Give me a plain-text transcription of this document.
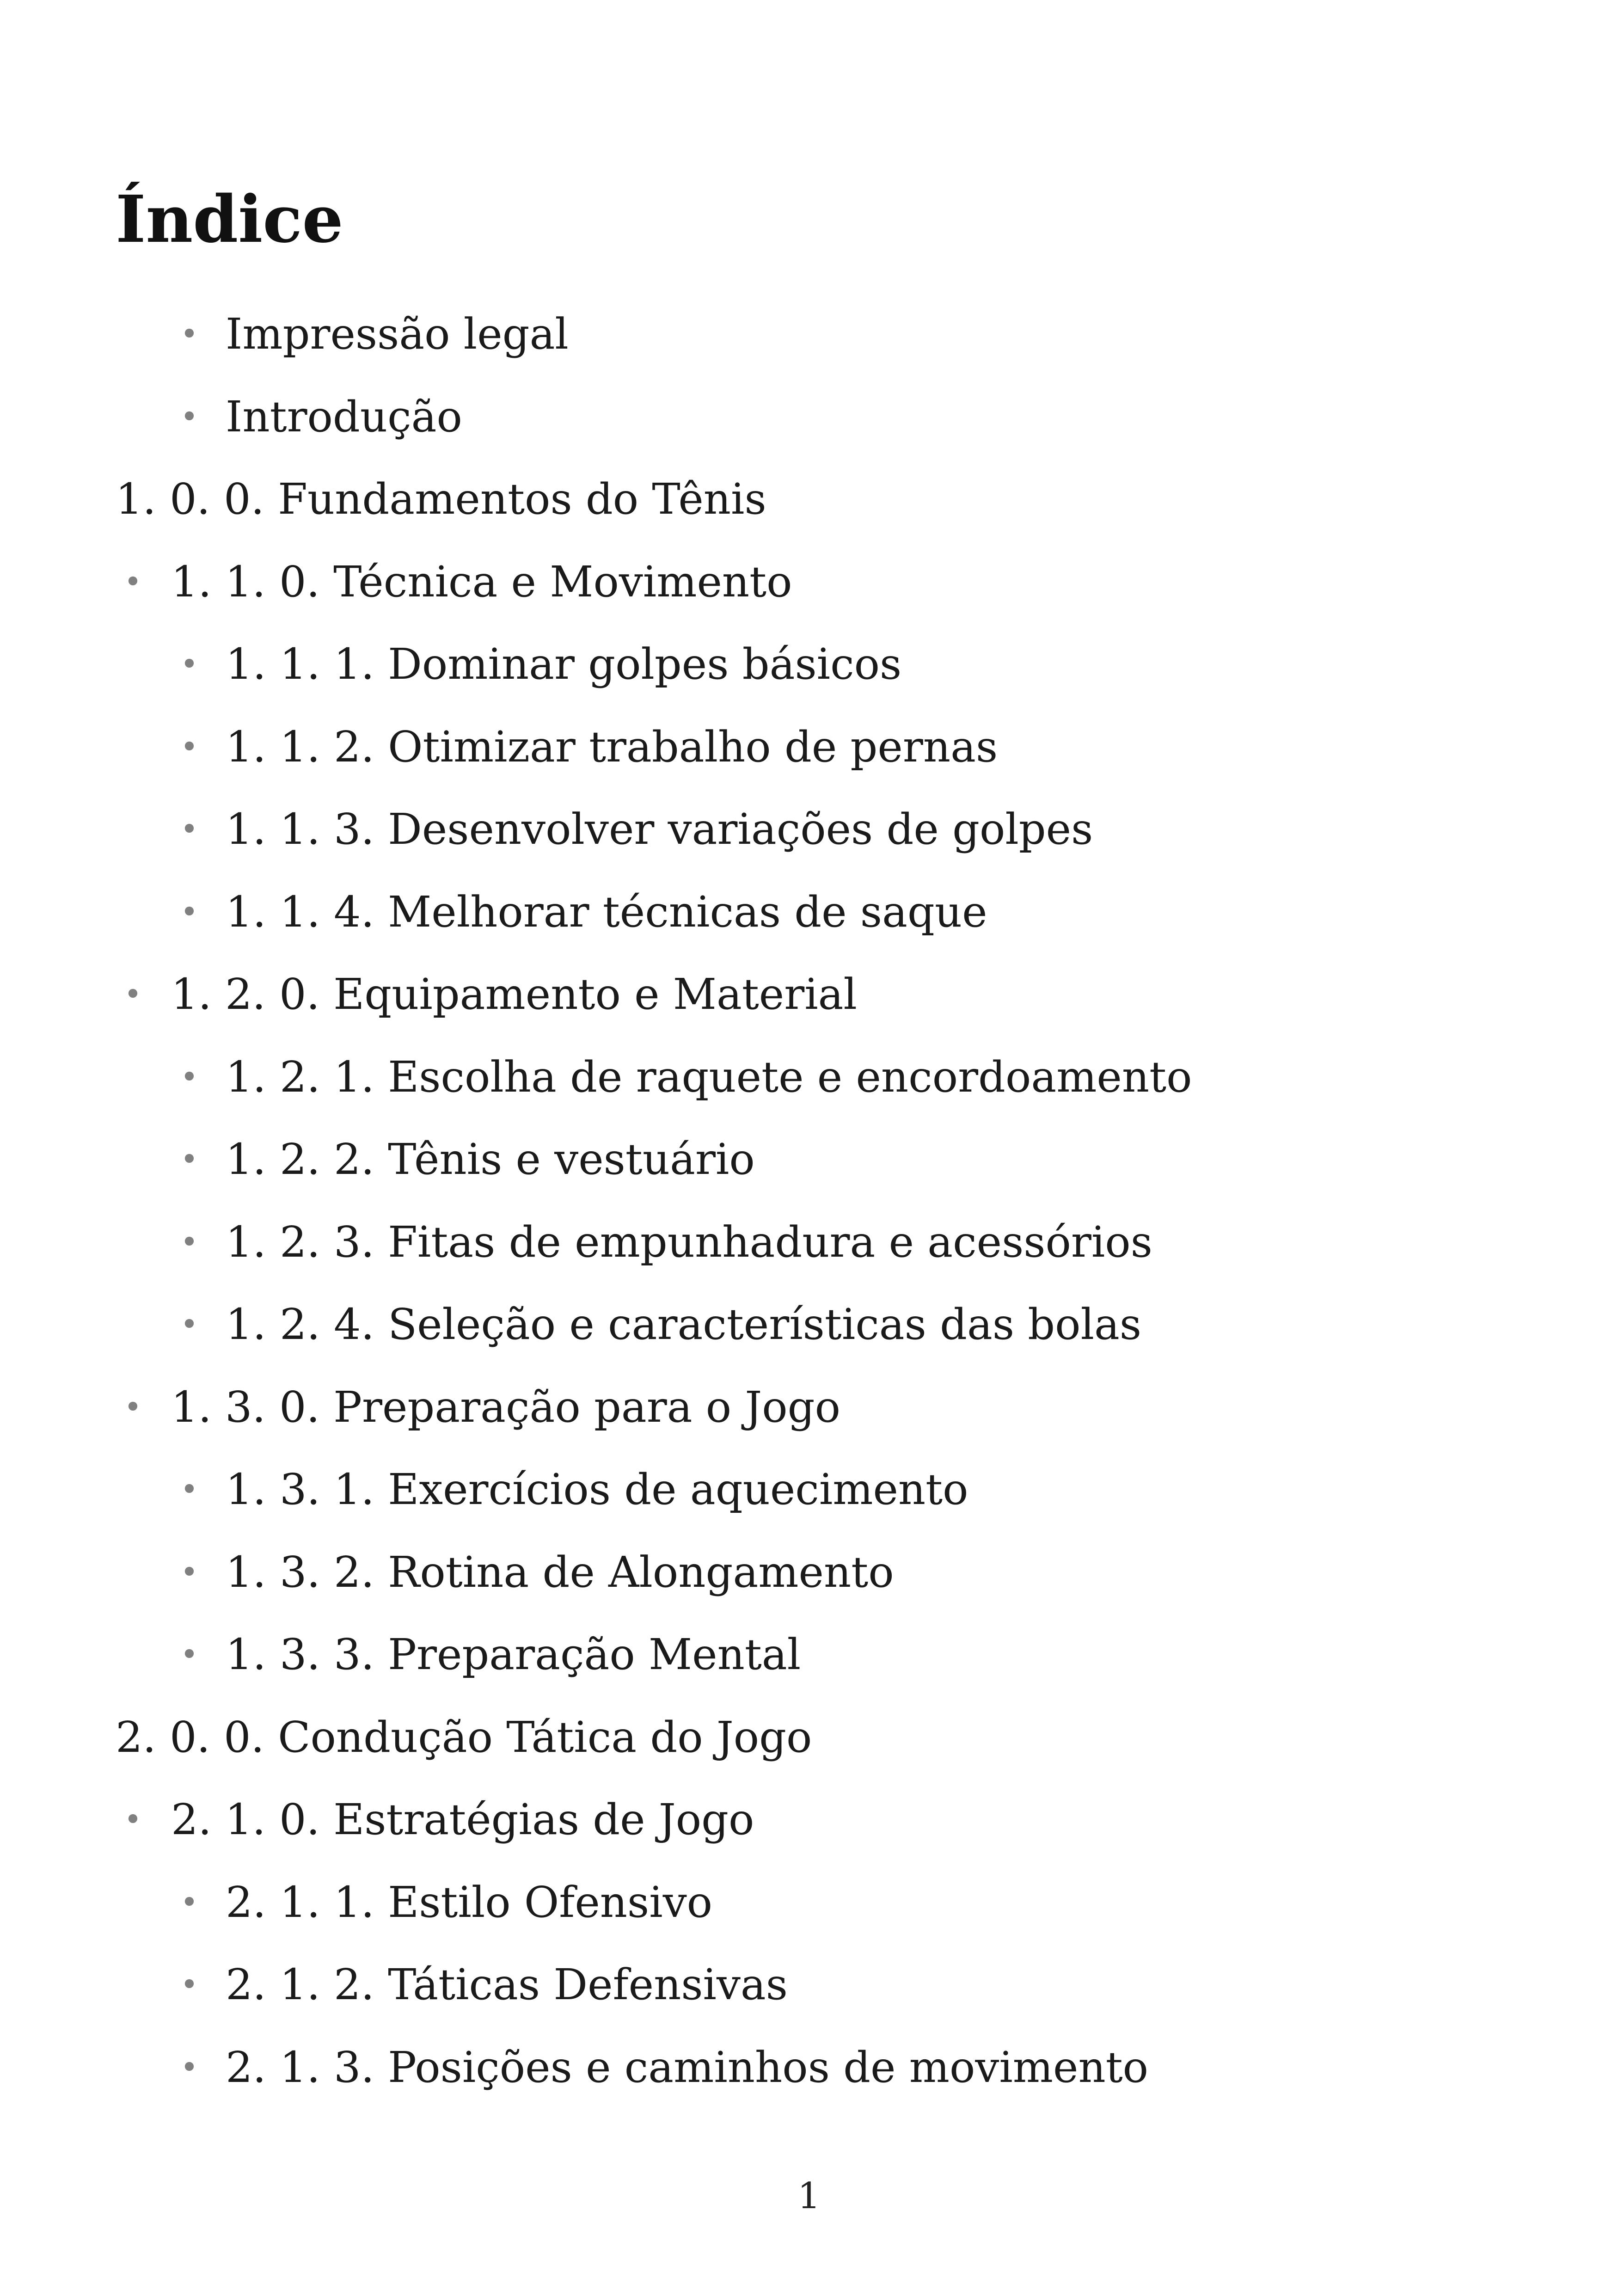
Índice
• Impressão legal
• Introdução
1. 0. 0. Fundamentos do Tênis
• 1. 1. 0. Técnica e Movimento
• 1. 1. 1. Dominar golpes básicos
• 1. 1. 2. Otimizar trabalho de pernas
• 1. 1. 3. Desenvolver variações de golpes
• 1. 1. 4. Melhorar técnicas de saque
• 1. 2. 0. Equipamento e Material
• 1. 2. 1. Escolha de raquete e encordoamento
• 1. 2. 2. Tênis e vestuário
• 1. 2. 3. Fitas de empunhadura e acessórios
• 1. 2. 4. Seleção e características das bolas
• 1. 3. 0. Preparação para o Jogo
• 1. 3. 1. Exercícios de aquecimento
• 1. 3. 2. Rotina de Alongamento
• 1. 3. 3. Preparação Mental
2. 0. 0. Condução Tática do Jogo
• 2. 1. 0. Estratégias de Jogo
• 2. 1. 1. Estilo Ofensivo
• 2. 1. 2. Táticas Defensivas
• 2. 1. 3. Posições e caminhos de movimento
1
